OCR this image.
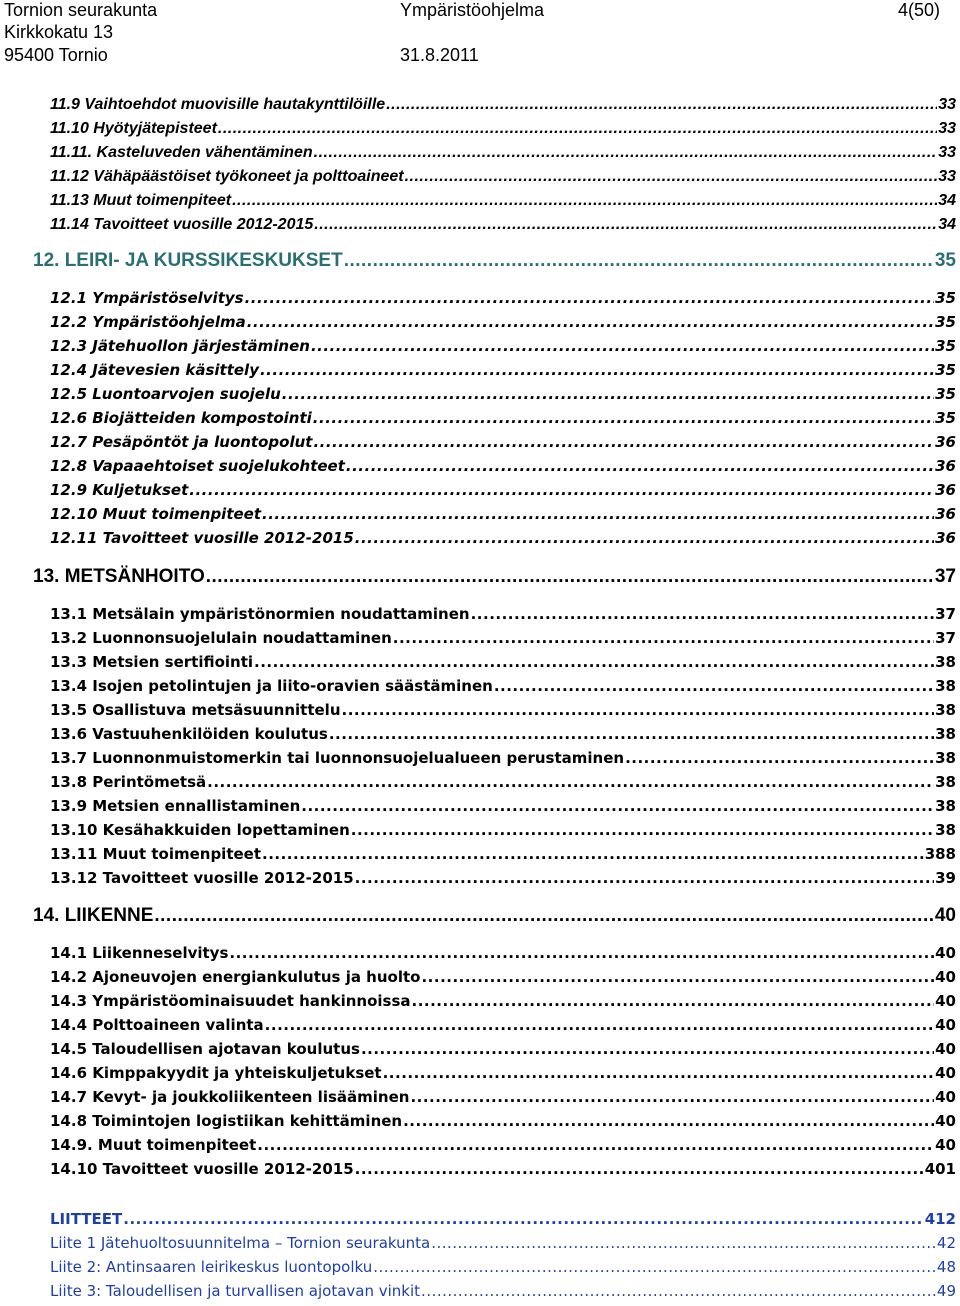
Tornion seurakunta
Kirkkokatu 13
95400 Tornio
Ympäristöohjelma
31.8.2011
4(50)
11.9 Vaihtoehdot muovisille hautakynttilöille .....	33
11.10 Hyötyjätepisteet .....	33
11.11. Kasteluveden vähentäminen .....	33
11.12 Vähäpäästöiset työkoneet ja polttoaineet .....	33
11.13 Muut toimenpiteet .....	34
11.14 Tavoitteet vuosille 2012-2015 .....	34
12. LEIRI- JA KURSSIKESKUKSET .....	35
12.1 Ympäristöselvitys .....	35
12.2 Ympäristöohjelma .....	35
12.3 Jätehuollon järjestäminen .....	35
12.4 Jätevesien käsittely .....	35
12.5 Luontoarvojen suojelu .....	35
12.6 Biojätteiden kompostointi .....	35
12.7 Pesäpöntöt ja luontopolut .....	36
12.8 Vapaaehtoiset suojelukohteet .....	36
12.9 Kuljetukset .....	36
12.10 Muut toimenpiteet .....	36
12.11 Tavoitteet vuosille 2012-2015 .....	36
13. METSÄNHOITO .....	37
13.1 Metsälain ympäristönormien noudattaminen .....	37
13.2 Luonnonsuojelulain noudattaminen .....	37
13.3 Metsien sertifiointi .....	38
13.4 Isojen petolintujen ja liito-oravien säästäminen .....	38
13.5 Osallistuva metsäsuunnittelu .....	38
13.6 Vastuuhenkilöiden koulutus .....	38
13.7 Luonnonmuistomerkin tai luonnonsuojelualueen perustaminen .....	38
13.8 Perintömetsä .....	38
13.9 Metsien ennallistaminen .....	38
13.10 Kesähakkuiden lopettaminen .....	38
13.11 Muut toimenpiteet .....	388
13.12 Tavoitteet vuosille 2012-2015 .....	39
14. LIIKENNE .....	40
14.1 Liikenneselvitys .....	40
14.2 Ajoneuvojen energiankulutus ja huolto .....	40
14.3 Ympäristöominaisuudet hankinnoissa .....	40
14.4 Polttoaineen valinta .....	40
14.5 Taloudellisen ajotavan koulutus .....	40
14.6 Kimppakyydit ja yhteiskuljetukset .....	40
14.7 Kevyt- ja joukkoliikenteen lisääminen .....	40
14.8 Toimintojen logistiikan kehittäminen .....	40
14.9. Muut toimenpiteet .....	40
14.10 Tavoitteet vuosille 2012-2015 .....	401
LIITTEET .....	412
Liite 1 Jätehuoltosuunnitelma – Tornion seurakunta .....	42
Liite 2: Antinsaaren leirikeskus luontopolku .....	48
Liite 3: Taloudellisen ja turvallisen ajotavan vinkit .....	49
